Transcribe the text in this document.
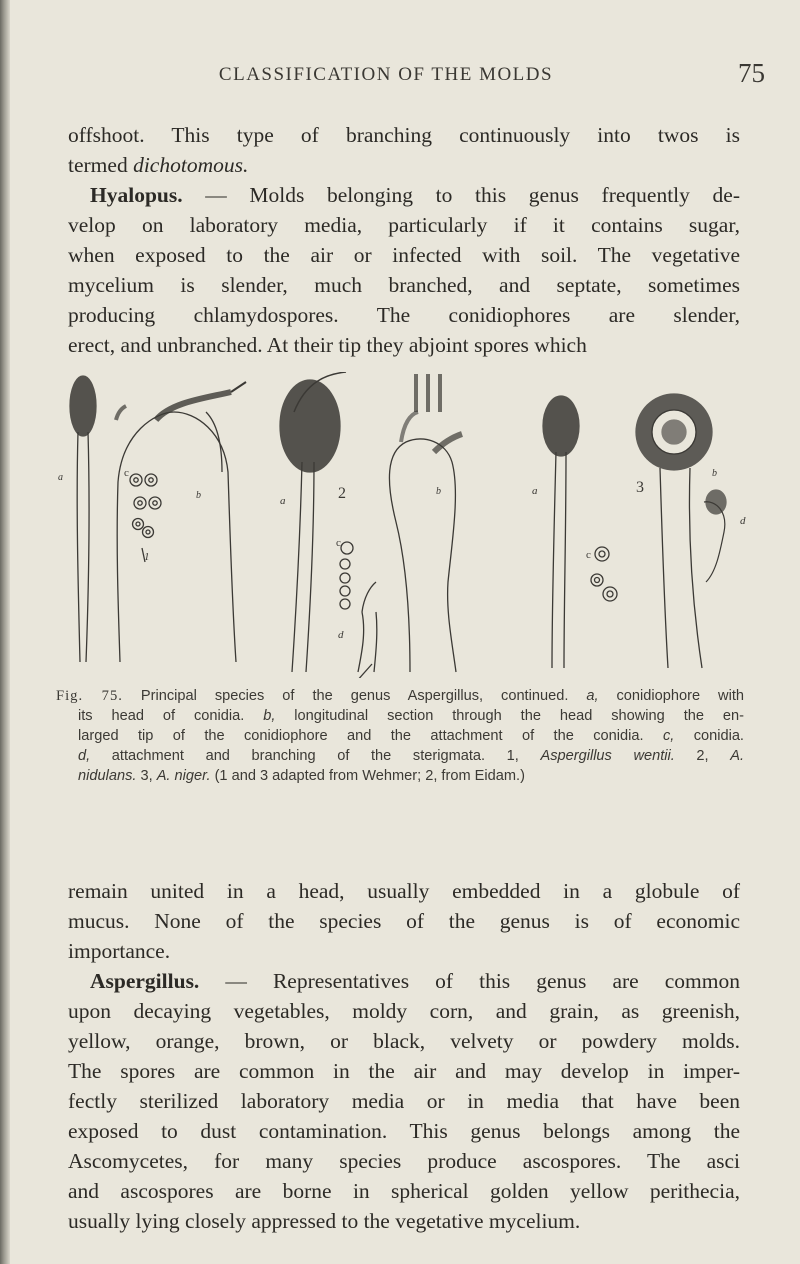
CLASSIFICATION OF THE MOLDS	75

offshoot. This type of branching continuously into twos is
termed dichotomous.

Hyalopus. — Molds belonging to this genus frequently de-
velop on laboratory media, particularly if it contains sugar,
when exposed to the air or infected with soil. The vegetative
mycelium is slender, much branched, and septate, sometimes
producing chlamydospores. The conidiophores are slender,
erect, and unbranched. At their tip they abjoint spores which

a	c
1
b	2
a
c
d
b	a	3
b
c
d
Fig. 75. Principal species of the genus Aspergillus, continued. a, conidiophore with
its head of conidia. b, longitudinal section through the head showing the en-
larged tip of the conidiophore and the attachment of the conidia. c, conidia.
d, attachment and branching of the sterigmata. 1, Aspergillus wentii. 2, A.
nidulans. 3, A. niger. (1 and 3 adapted from Wehmer; 2, from Eidam.)

remain united in a head, usually embedded in a globule of
mucus. None of the species of the genus is of economic
importance.

Aspergillus. — Representatives of this genus are common
upon decaying vegetables, moldy corn, and grain, as greenish,
yellow, orange, brown, or black, velvety or powdery molds.
The spores are common in the air and may develop in imper-
fectly sterilized laboratory media or in media that have been
exposed to dust contamination. This genus belongs among the
Ascomycetes, for many species produce ascospores. The asci
and ascospores are borne in spherical golden yellow perithecia,
usually lying closely appressed to the vegetative mycelium.
